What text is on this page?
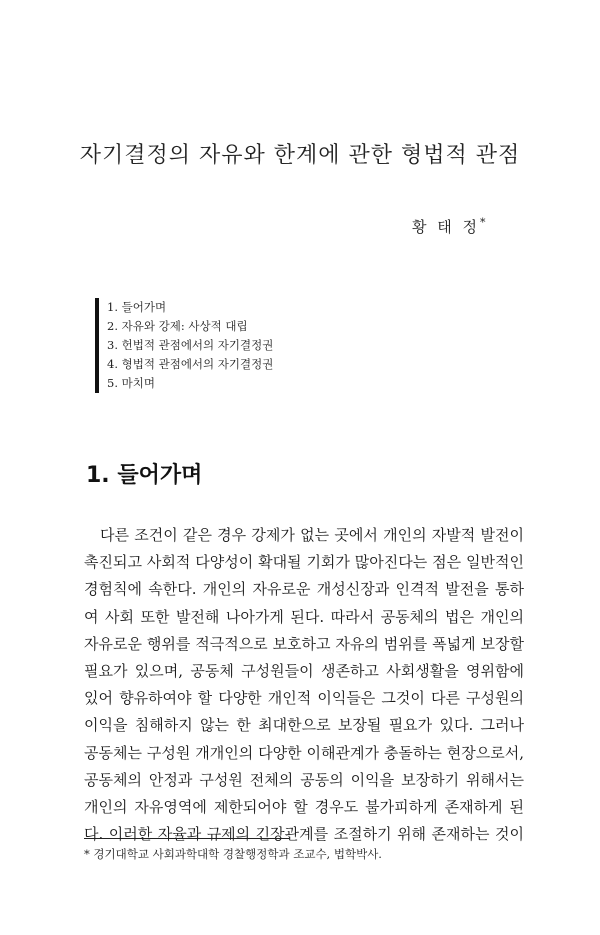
자기결정의 자유와 한계에 관한 형법적 관점
황 태 정*
1. 들어가며
2. 자유와 강제: 사상적 대립
3. 헌법적 관점에서의 자기결정권
4. 형법적 관점에서의 자기결정권
5. 마치며
1. 들어가며
다른 조건이 같은 경우 강제가 없는 곳에서 개인의 자발적 발전이
촉진되고 사회적 다양성이 확대될 기회가 많아진다는 점은 일반적인
경험칙에 속한다. 개인의 자유로운 개성신장과 인격적 발전을 통하
여 사회 또한 발전해 나아가게 된다. 따라서 공동체의 법은 개인의
자유로운 행위를 적극적으로 보호하고 자유의 범위를 폭넓게 보장할
필요가 있으며, 공동체 구성원들이 생존하고 사회생활을 영위함에
있어 향유하여야 할 다양한 개인적 이익들은 그것이 다른 구성원의
이익을 침해하지 않는 한 최대한으로 보장될 필요가 있다. 그러나
공동체는 구성원 개개인의 다양한 이해관계가 충돌하는 현장으로서,
공동체의 안정과 구성원 전체의 공동의 이익을 보장하기 위해서는
개인의 자유영역에 제한되어야 할 경우도 불가피하게 존재하게 된
다. 이러한 자율과 규제의 긴장관계를 조절하기 위해 존재하는 것이
* 경기대학교 사회과학대학 경찰행정학과 조교수, 법학박사.
